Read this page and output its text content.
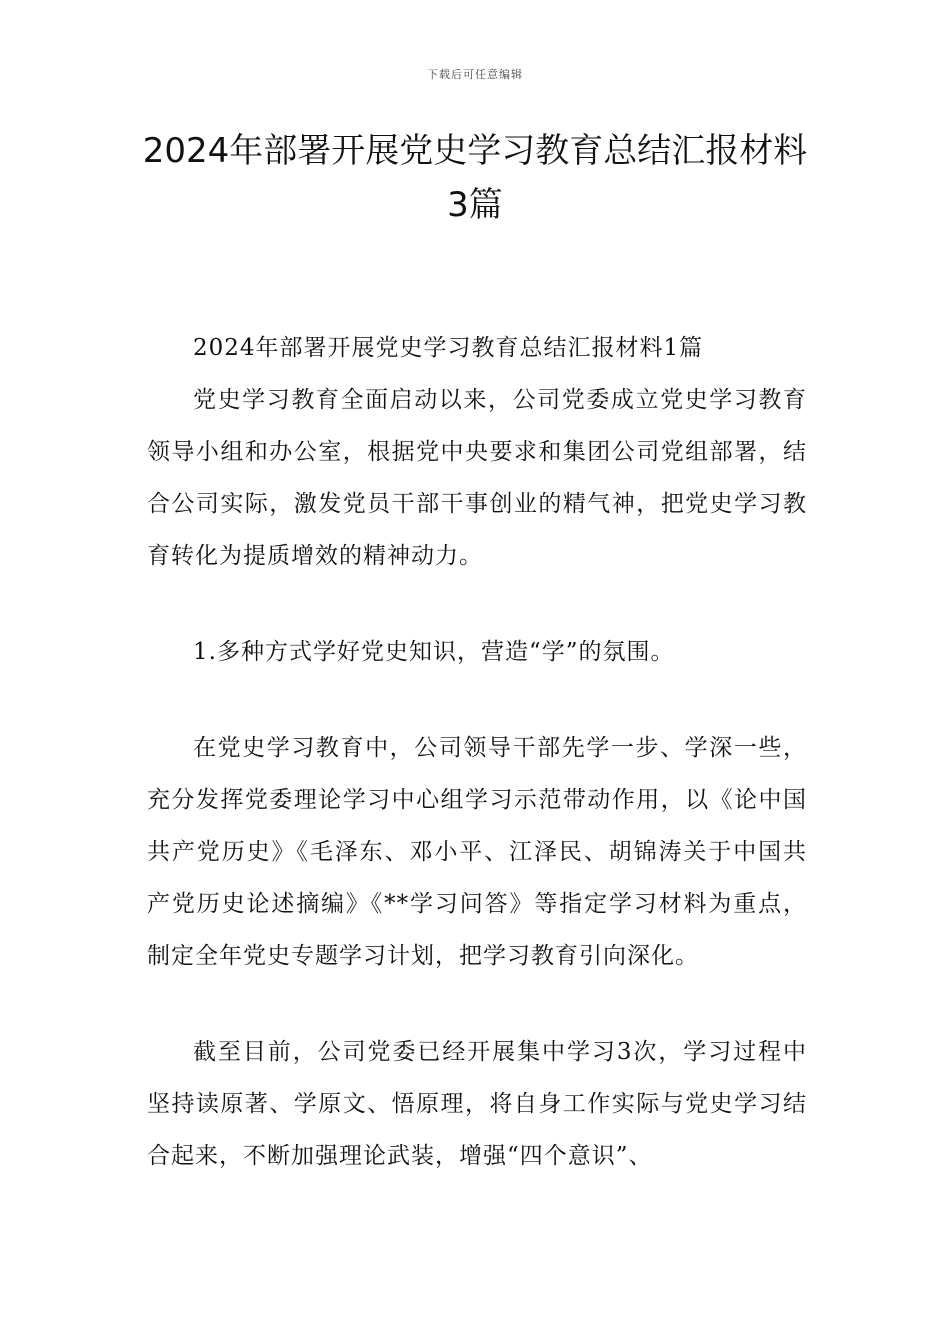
下载后可任意编辑
2024年部署开展党史学习教育总结汇报材料3篇

2024年部署开展党史学习教育总结汇报材料1篇

党史学习教育全面启动以来，公司党委成立党史学习教育领导小组和办公室，根据党中央要求和集团公司党组部署，结合公司实际，激发党员干部干事创业的精气神，把党史学习教育转化为提质增效的精神动力。

1.多种方式学好党史知识，营造“学”的氛围。

在党史学习教育中，公司领导干部先学一步、学深一些，充分发挥党委理论学习中心组学习示范带动作用，以《论中国共产党历史》《毛泽东、邓小平、江泽民、胡锦涛关于中国共产党历史论述摘编》《**学习问答》等指定学习材料为重点，制定全年党史专题学习计划，把学习教育引向深化。

截至目前，公司党委已经开展集中学习3次，学习过程中坚持读原著、学原文、悟原理，将自身工作实际与党史学习结合起来，不断加强理论武装，增强“四个意识”、
